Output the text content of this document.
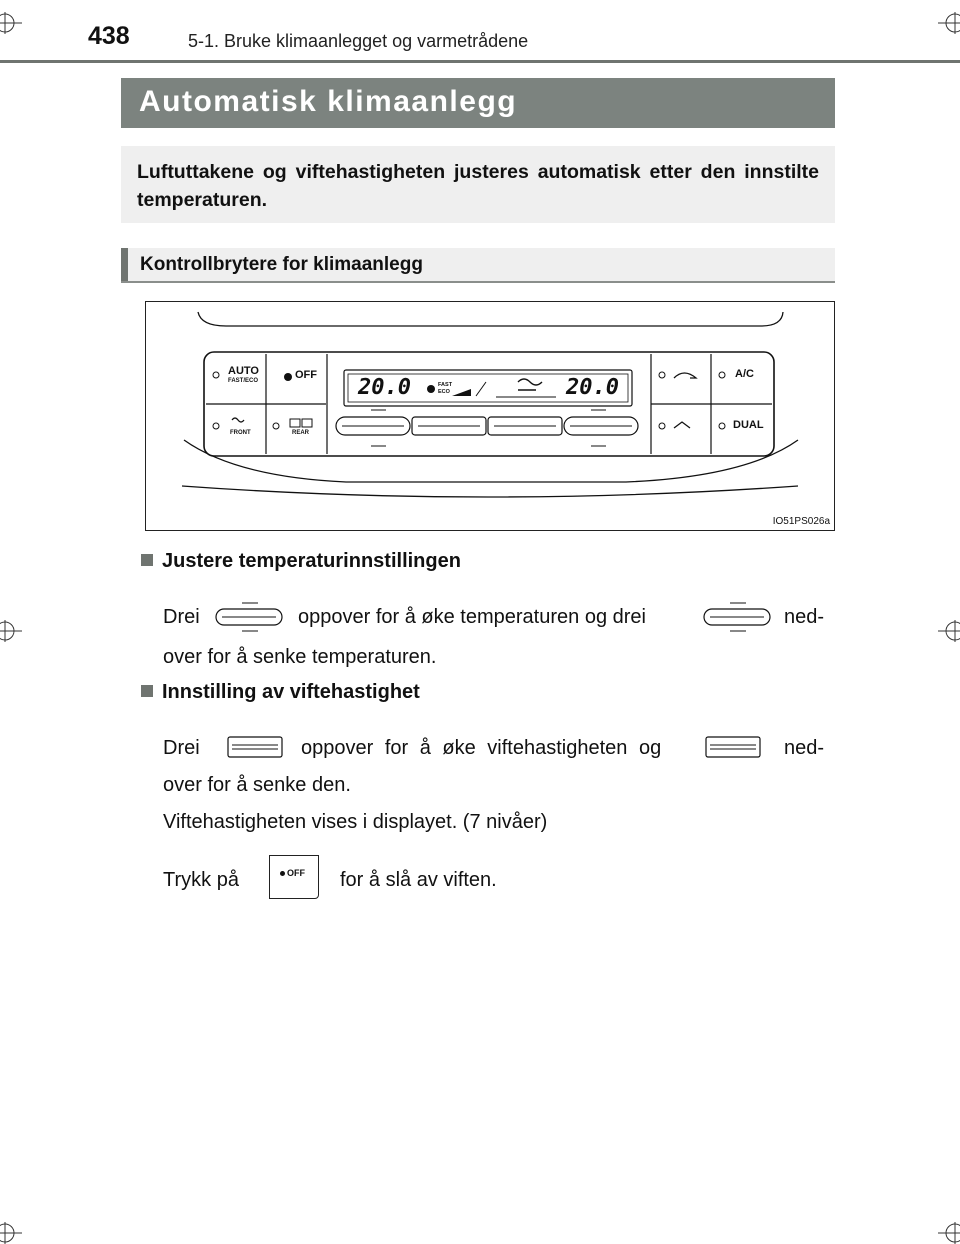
438	5-1. Bruke klimaanlegget og varmetrådene
Automatisk klimaanlegg
Luftuttakene og viftehastigheten justeres automatisk etter den innstilte temperaturen.
Kontrollbrytere for klimaanlegg
AUTO
FAST/ECO	OFF
FRONT	REAR
A/C
DUAL
20.0	20.0
FAST
ECO
IO51PS026a
Justere temperaturinnstillingen
Drei	oppover for å øke temperaturen og drei	ned-
over for å senke temperaturen.
Innstilling av viftehastighet
Drei	oppover for å øke viftehastigheten og	ned-
over for å senke den.
Viftehastigheten vises i displayet. (7 nivåer)
Trykk på	OFF for å slå av viften.
